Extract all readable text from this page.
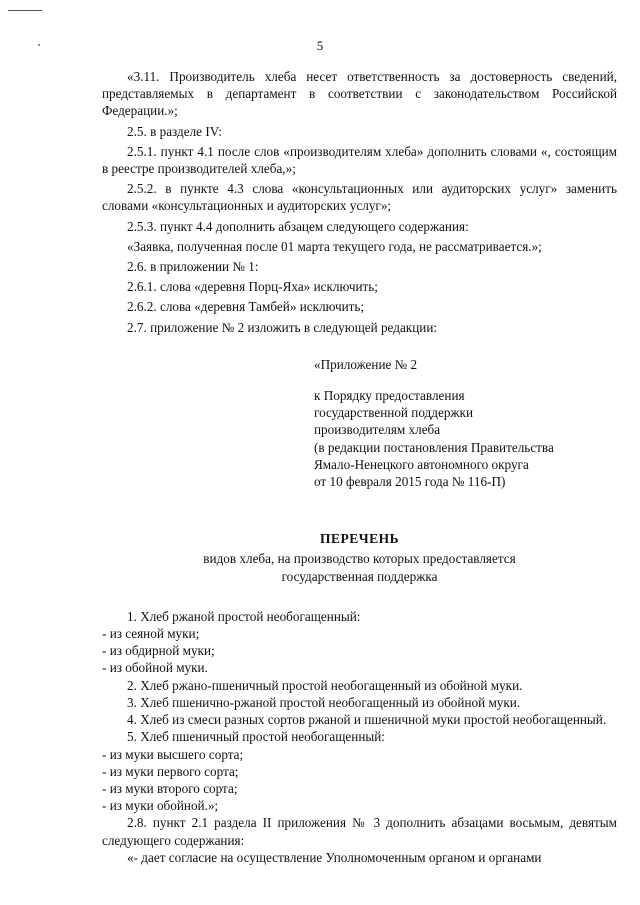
5

«3.11. Производитель хлеба несет ответственность за достоверность сведений, представляемых в департамент в соответствии с законодательством Российской Федерации.»;

2.5. в разделе IV:

2.5.1. пункт 4.1 после слов «производителям хлеба» дополнить словами «, состоящим в реестре производителей хлеба,»;

2.5.2. в пункте 4.3 слова «консультационных или аудиторских услуг» заменить словами «консультационных и аудиторских услуг»;

2.5.3. пункт 4.4 дополнить абзацем следующего содержания:

«Заявка, полученная после 01 марта текущего года, не рассматривается.»;

2.6. в приложении № 1:

2.6.1. слова «деревня Порц-Яха» исключить;

2.6.2. слова «деревня Тамбей» исключить;

2.7. приложение № 2 изложить в следующей редакции:

«Приложение № 2

к Порядку предоставления

государственной поддержки

производителям хлеба

(в редакции постановления Правительства

Ямало-Ненецкого автономного округа

от 10 февраля 2015 года № 116-П)

ПЕРЕЧЕНЬ

видов хлеба, на производство которых предоставляется

государственная поддержка

1. Хлеб ржаной простой необогащенный:

- из сеяной муки;

- из обдирной муки;

- из обойной муки.

2. Хлеб ржано-пшеничный простой необогащенный из обойной муки.

3. Хлеб пшенично-ржаной простой необогащенный из обойной муки.

4. Хлеб из смеси разных сортов ржаной и пшеничной муки простой необогащенный.

5. Хлеб пшеничный простой необогащенный:

- из муки высшего сорта;

- из муки первого сорта;

- из муки второго сорта;

- из муки обойной.»;

2.8. пункт 2.1 раздела II приложения № 3 дополнить абзацами восьмым, девятым следующего содержания:

«- дает согласие на осуществление Уполномоченным органом и органами
